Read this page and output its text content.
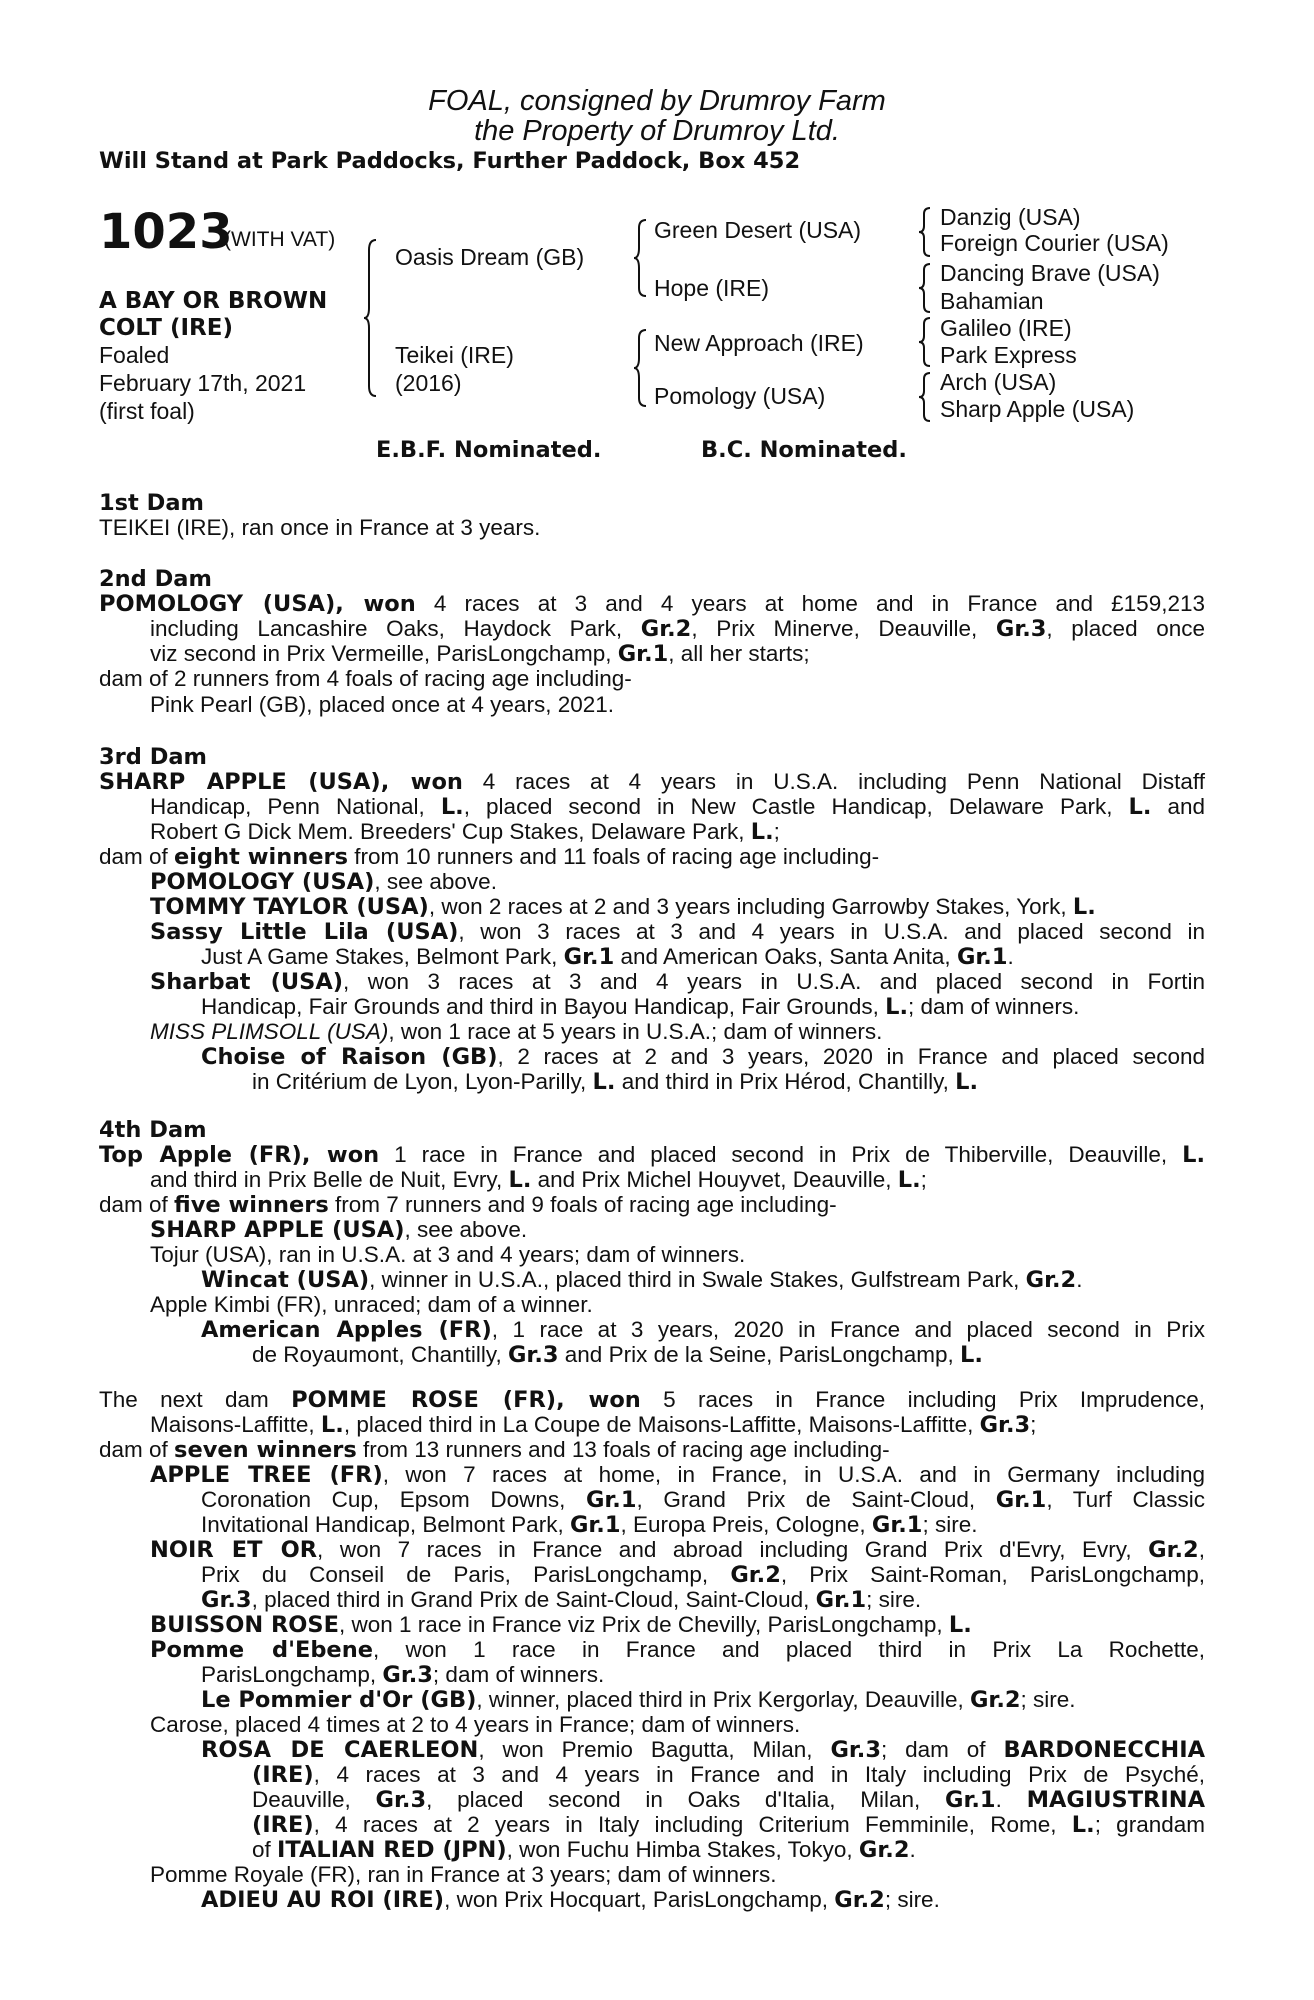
FOAL, consigned by Drumroy Farm
the Property of Drumroy Ltd.
Will Stand at Park Paddocks, Further Paddock, Box 452
1023
(WITH VAT)
A BAY OR BROWN
COLT (IRE)
Foaled
February 17th, 2021
(first foal)
Oasis Dream (GB)
Teikei (IRE)
(2016)
Green Desert (USA)
Hope (IRE)
New Approach (IRE)
Pomology (USA)
Danzig (USA)
Foreign Courier (USA)
Dancing Brave (USA)
Bahamian
Galileo (IRE)
Park Express
Arch (USA)
Sharp Apple (USA)
E.B.F. Nominated.	B.C. Nominated.
1st Dam
2nd Dam
3rd Dam
4th Dam
TEIKEI (IRE), ran once in France at 3 years.
POMOLOGY (USA), won 4 races at 3 and 4 years at home and in France and £159,213
including Lancashire Oaks, Haydock Park, Gr.2, Prix Minerve, Deauville, Gr.3, placed once
viz second in Prix Vermeille, ParisLongchamp, Gr.1, all her starts;
dam of 2 runners from 4 foals of racing age including-
Pink Pearl (GB), placed once at 4 years, 2021.
SHARP APPLE (USA), won 4 races at 4 years in U.S.A. including Penn National Distaff
Handicap, Penn National, L., placed second in New Castle Handicap, Delaware Park, L. and
Robert G Dick Mem. Breeders' Cup Stakes, Delaware Park, L.;
dam of eight winners from 10 runners and 11 foals of racing age including-
POMOLOGY (USA), see above.
TOMMY TAYLOR (USA), won 2 races at 2 and 3 years including Garrowby Stakes, York, L.
Sassy Little Lila (USA), won 3 races at 3 and 4 years in U.S.A. and placed second in
Just A Game Stakes, Belmont Park, Gr.1 and American Oaks, Santa Anita, Gr.1.
Sharbat (USA), won 3 races at 3 and 4 years in U.S.A. and placed second in Fortin
Handicap, Fair Grounds and third in Bayou Handicap, Fair Grounds, L.; dam of winners.
MISS PLIMSOLL (USA), won 1 race at 5 years in U.S.A.; dam of winners.
Choise of Raison (GB), 2 races at 2 and 3 years, 2020 in France and placed second
in Critérium de Lyon, Lyon-Parilly, L. and third in Prix Hérod, Chantilly, L.
Top Apple (FR), won 1 race in France and placed second in Prix de Thiberville, Deauville, L.
and third in Prix Belle de Nuit, Evry, L. and Prix Michel Houyvet, Deauville, L.;
dam of five winners from 7 runners and 9 foals of racing age including-
SHARP APPLE (USA), see above.
Tojur (USA), ran in U.S.A. at 3 and 4 years; dam of winners.
Wincat (USA), winner in U.S.A., placed third in Swale Stakes, Gulfstream Park, Gr.2.
Apple Kimbi (FR), unraced; dam of a winner.
American Apples (FR), 1 race at 3 years, 2020 in France and placed second in Prix
de Royaumont, Chantilly, Gr.3 and Prix de la Seine, ParisLongchamp, L.
The next dam POMME ROSE (FR), won 5 races in France including Prix Imprudence,
Maisons-Laffitte, L., placed third in La Coupe de Maisons-Laffitte, Maisons-Laffitte, Gr.3;
dam of seven winners from 13 runners and 13 foals of racing age including-
APPLE TREE (FR), won 7 races at home, in France, in U.S.A. and in Germany including
Coronation Cup, Epsom Downs, Gr.1, Grand Prix de Saint-Cloud, Gr.1, Turf Classic
Invitational Handicap, Belmont Park, Gr.1, Europa Preis, Cologne, Gr.1; sire.
NOIR ET OR, won 7 races in France and abroad including Grand Prix d'Evry, Evry, Gr.2,
Prix du Conseil de Paris, ParisLongchamp, Gr.2, Prix Saint-Roman, ParisLongchamp,
Gr.3, placed third in Grand Prix de Saint-Cloud, Saint-Cloud, Gr.1; sire.
BUISSON ROSE, won 1 race in France viz Prix de Chevilly, ParisLongchamp, L.
Pomme d'Ebene, won 1 race in France and placed third in Prix La Rochette,
ParisLongchamp, Gr.3; dam of winners.
Le Pommier d'Or (GB), winner, placed third in Prix Kergorlay, Deauville, Gr.2; sire.
Carose, placed 4 times at 2 to 4 years in France; dam of winners.
ROSA DE CAERLEON, won Premio Bagutta, Milan, Gr.3; dam of BARDONECCHIA
(IRE), 4 races at 3 and 4 years in France and in Italy including Prix de Psyché,
Deauville, Gr.3, placed second in Oaks d'Italia, Milan, Gr.1. MAGIUSTRINA
(IRE), 4 races at 2 years in Italy including Criterium Femminile, Rome, L.; grandam
of ITALIAN RED (JPN), won Fuchu Himba Stakes, Tokyo, Gr.2.
Pomme Royale (FR), ran in France at 3 years; dam of winners.
ADIEU AU ROI (IRE), won Prix Hocquart, ParisLongchamp, Gr.2; sire.
